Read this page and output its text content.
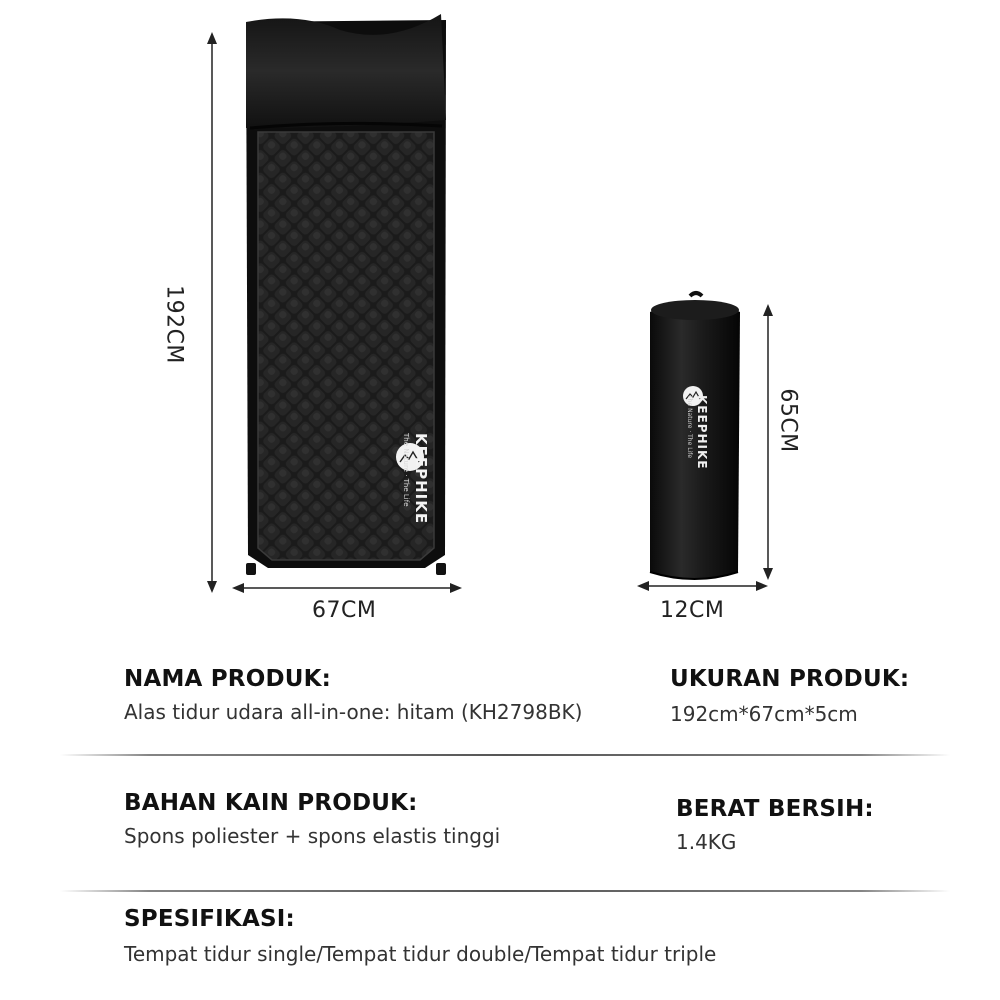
KEEPHIKE
The Nature · The Life
KEEPHIKE
The Nature · The Life
192CM
67CM
65CM
12CM
NAMA PRODUK:
Alas tidur udara all-in-one: hitam (KH2798BK)
UKURAN PRODUK:
192cm*67cm*5cm
BAHAN KAIN PRODUK:
Spons poliester + spons elastis tinggi
BERAT BERSIH:
1.4KG
SPESIFIKASI:
Tempat tidur single/Tempat tidur double/Tempat tidur triple
